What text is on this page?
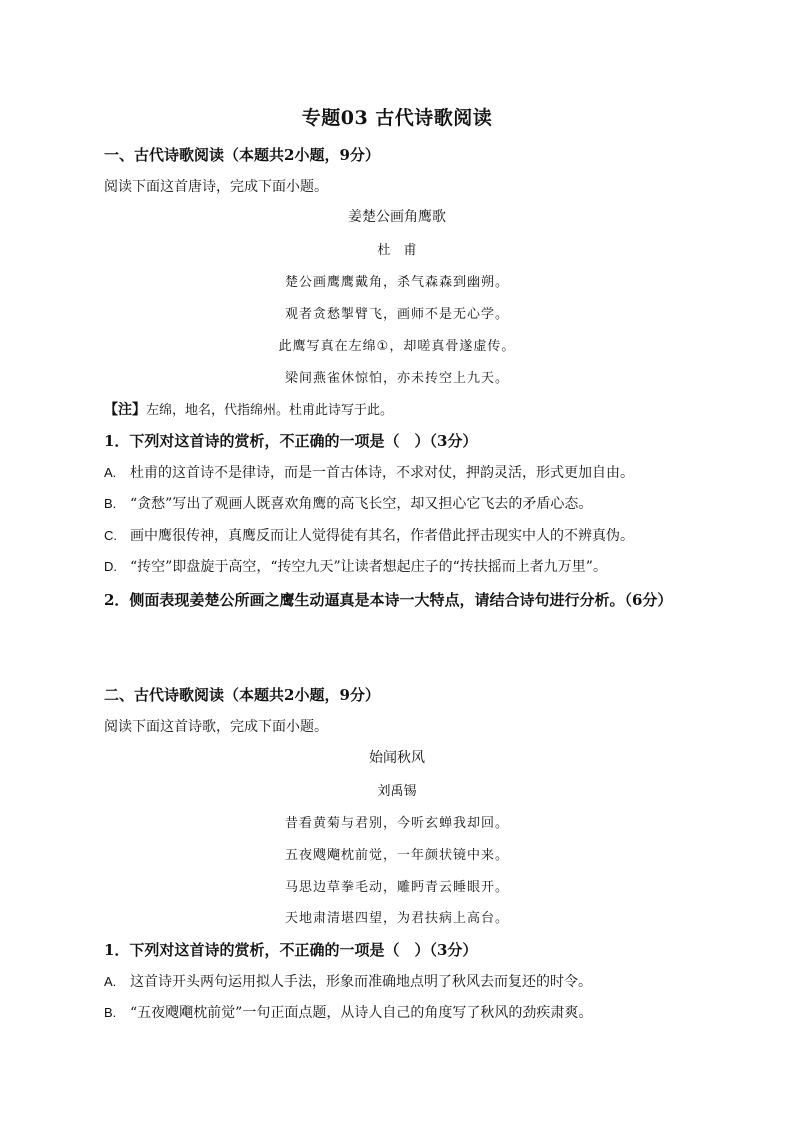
专题03 古代诗歌阅读
一、古代诗歌阅读（本题共2小题，9分）
阅读下面这首唐诗，完成下面小题。
姜楚公画角鹰歌
杜　甫
楚公画鹰鹰戴角，杀气森森到幽朔。
观者贪愁掣臂飞，画师不是无心学。
此鹰写真在左绵①，却嗟真骨遂虚传。
梁间燕雀休惊怕，亦未抟空上九天。
【注】左绵，地名，代指绵州。杜甫此诗写于此。
1．下列对这首诗的赏析，不正确的一项是（　）（3分）
A. 杜甫的这首诗不是律诗，而是一首古体诗，不求对仗，押韵灵活，形式更加自由。
B. “贪愁”写出了观画人既喜欢角鹰的高飞长空，却又担心它飞去的矛盾心态。
C. 画中鹰很传神，真鹰反而让人觉得徒有其名，作者借此抨击现实中人的不辨真伪。
D. “抟空”即盘旋于高空，“抟空九天”让读者想起庄子的“抟扶摇而上者九万里”。
2．侧面表现姜楚公所画之鹰生动逼真是本诗一大特点，请结合诗句进行分析。（6分）
二、古代诗歌阅读（本题共2小题，9分）
阅读下面这首诗歌，完成下面小题。
始闻秋风
刘禹锡
昔看黄菊与君别，今听玄蝉我却回。
五夜飕飗枕前觉，一年颜状镜中来。
马思边草拳毛动，雕眄青云睡眼开。
天地肃清堪四望，为君扶病上高台。
1．下列对这首诗的赏析，不正确的一项是（　）（3分）
A. 这首诗开头两句运用拟人手法，形象而准确地点明了秋风去而复还的时令。
B. “五夜飕飗枕前觉”一句正面点题，从诗人自己的角度写了秋风的劲疾肃爽。
